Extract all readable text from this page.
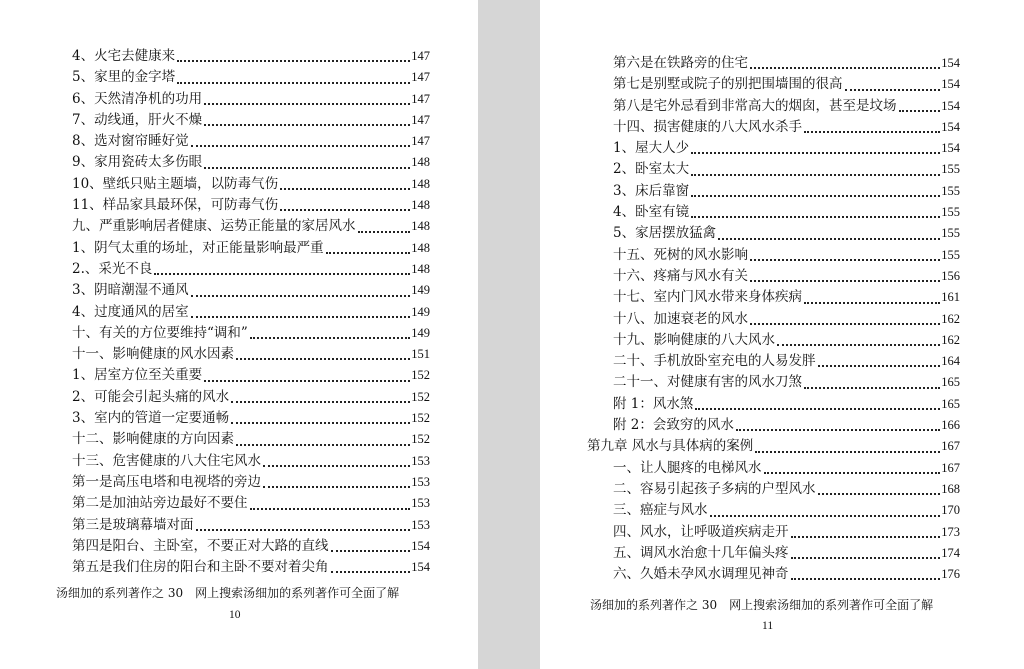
4、火宅去健康来	147
5、家里的金字塔	147
6、天然清净机的功用	147
7、动线通，肝火不燥	147
8、选对窗帘睡好觉	147
9、家用瓷砖太多伤眼	148
10、壁纸只贴主题墙，以防毒气伤	148
11、样品家具最环保，可防毒气伤	148
九、严重影响居者健康、运势正能量的家居风水	148
1、阴气太重的场址，对正能量影响最严重	148
2.、采光不良	148
3、阴暗潮湿不通风	149
4、过度通风的居室	149
十、有关的方位要维持“调和”	149
十一、影响健康的风水因素	151
1、居室方位至关重要	152
2、可能会引起头痛的风水	152
3、室内的管道一定要通畅	152
十二、影响健康的方向因素	152
十三、危害健康的八大住宅风水	153
第一是高压电塔和电视塔的旁边	153
第二是加油站旁边最好不要住	153
第三是玻璃幕墙对面	153
第四是阳台、主卧室，不要正对大路的直线	154
第五是我们住房的阳台和主卧不要对着尖角	154
汤细加的系列著作之 30　网上搜索汤细加的系列著作可全面了解
10
第六是在铁路旁的住宅	154
第七是别墅或院子的别把围墙围的很高	154
第八是宅外忌看到非常高大的烟囱，甚至是坟场	154
十四、损害健康的八大风水杀手	154
1、屋大人少	154
2、卧室太大	155
3、床后靠窗	155
4、卧室有镜	155
5、家居摆放猛禽	155
十五、死树的风水影响	155
十六、疼痛与风水有关	156
十七、室内门风水带来身体疾病	161
十八、加速衰老的风水	162
十九、影响健康的八大风水	162
二十、手机放卧室充电的人易发胖	164
二十一、对健康有害的风水刀煞	165
附 1：风水煞	165
附 2：会致穷的风水	166
第九章 风水与具体病的案例	167
一、让人腿疼的电梯风水	167
二、容易引起孩子多病的户型风水	168
三、癌症与风水	170
四、风水，让呼吸道疾病走开	173
五、调风水治愈十几年偏头疼	174
六、久婚未孕风水调理见神奇	176
汤细加的系列著作之 30　网上搜索汤细加的系列著作可全面了解
11
